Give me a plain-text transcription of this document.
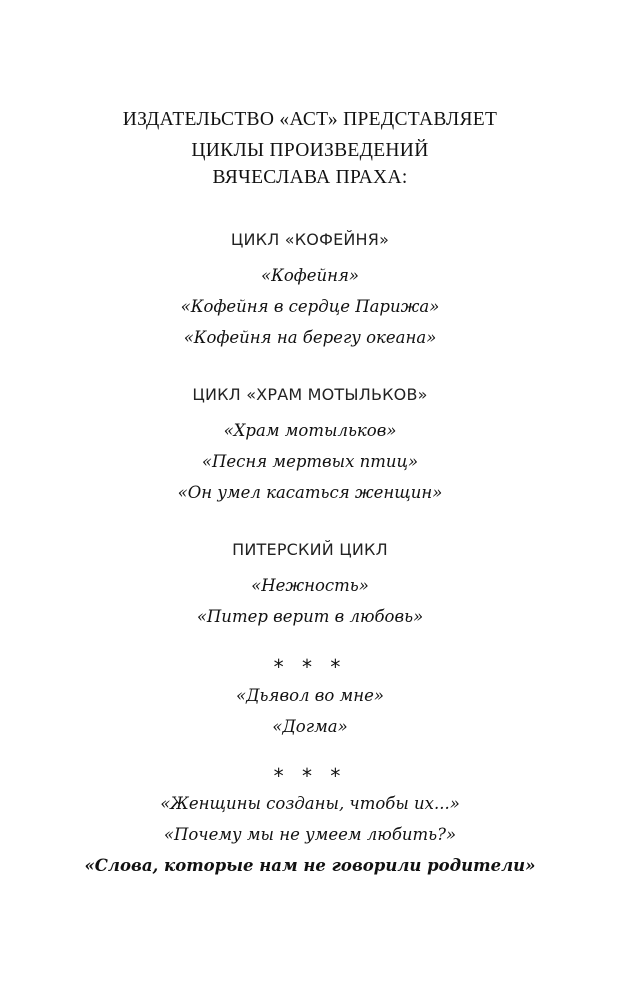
ИЗДАТЕЛЬСТВО «АСТ» ПРЕДСТАВЛЯЕТ
ЦИКЛЫ ПРОИЗВЕДЕНИЙ
ВЯЧЕСЛАВА ПРАХА:
ЦИКЛ «КОФЕЙНЯ»
«Кофейня»
«Кофейня в сердце Парижа»
«Кофейня на берегу океана»
ЦИКЛ «ХРАМ МОТЫЛЬКОВ»
«Храм мотыльков»
«Песня мертвых птиц»
«Он умел касаться женщин»
ПИТЕРСКИЙ ЦИКЛ
«Нежность»
«Питер верит в любовь»
* * *
«Дьявол во мне»
«Догма»
* * *
«Женщины созданы, чтобы их...»
«Почему мы не умеем любить?»
«Слова, которые нам не говорили родители»
